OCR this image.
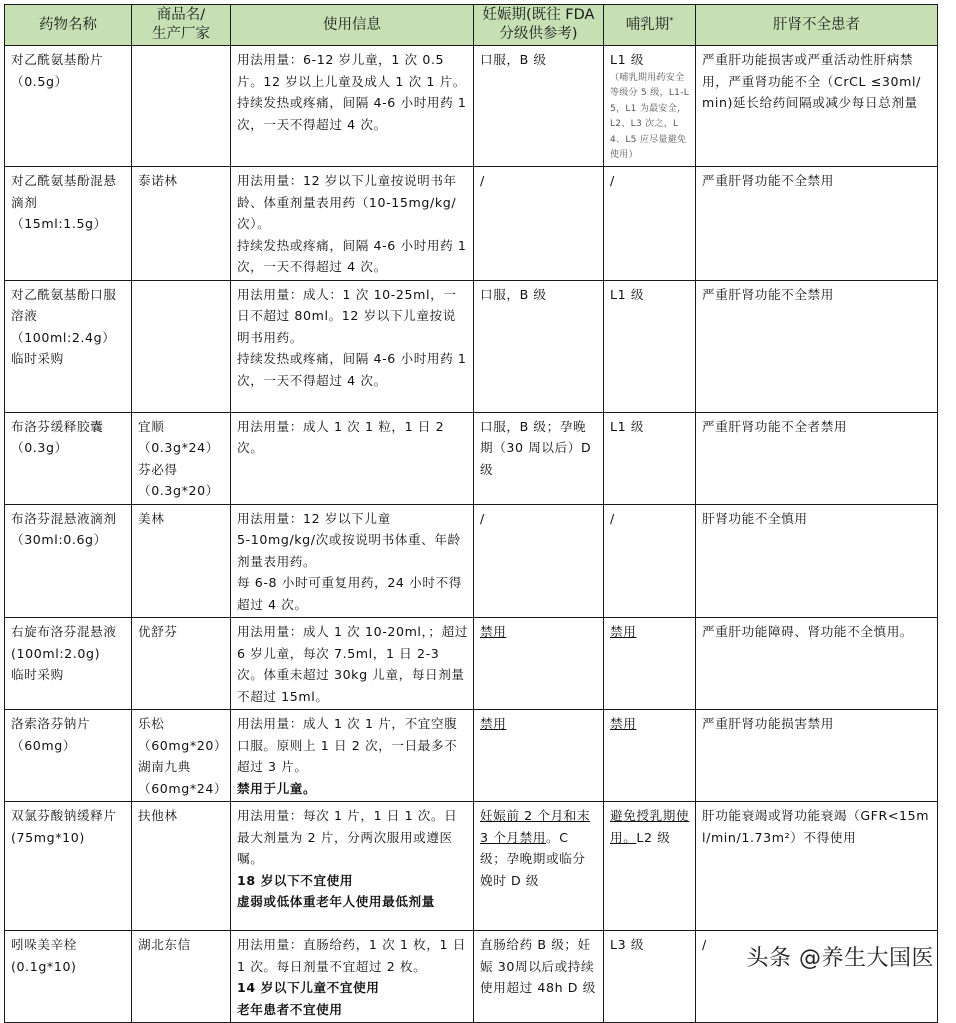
药物名称	商品名/
生产厂家	使用信息	妊娠期(既往 FDA
分级供参考)	哺乳期*	肝肾不全患者

对乙酰氨基酚片
（0.5g）		用法用量：6-12 岁儿童，1 次 0.5 片。12 岁以上儿童及成人 1 次 1 片。
持续发热或疼痛，间隔 4-6 小时用药 1 次，一天不得超过 4 次。	口服，B 级	L1 级
（哺乳期用药安全等级分 5 级，L1-L5，L1 为最安全，L2、L3 次之，L4、L5 应尽量避免使用）	严重肝功能损害或严重活动性肝病禁用，严重肾功能不全（CrCL ≤30ml/min)延长给药间隔或减少每日总剂量

对乙酰氨基酚混悬滴剂
（15ml:1.5g）	泰诺林	用法用量：12 岁以下儿童按说明书年龄、体重剂量表用药（10-15mg/kg/次）。
持续发热或疼痛，间隔 4-6 小时用药 1 次，一天不得超过 4 次。	/	/	严重肝肾功能不全禁用

对乙酰氨基酚口服溶液
（100ml:2.4g）
临时采购		用法用量：成人：1 次 10-25ml，一日不超过 80ml。12 岁以下儿童按说明书用药。
持续发热或疼痛，间隔 4-6 小时用药 1 次，一天不得超过 4 次。	口服，B 级	L1 级	严重肝肾功能不全禁用

布洛芬缓释胶囊
（0.3g）	宜顺
（0.3g*24）
芬必得
（0.3g*20）	用法用量：成人 1 次 1 粒，1 日 2 次。	口服，B 级；孕晚期（30 周以后）D 级	L1 级	严重肝肾功能不全者禁用

布洛芬混悬液滴剂（30ml:0.6g）	美林	用法用量：12 岁以下儿童
5-10mg/kg/次或按说明书体重、年龄剂量表用药。
每 6-8 小时可重复用药，24 小时不得超过 4 次。	/	/	肝肾功能不全慎用

右旋布洛芬混悬液(100ml:2.0g)
临时采购	优舒芬	用法用量：成人 1 次 10-20ml，；超过 6 岁儿童，每次 7.5ml，1 日 2-3 次。体重未超过 30kg 儿童，每日剂量不超过 15ml。	禁用	禁用	严重肝功能障碍、肾功能不全慎用。

洛索洛芬钠片
（60mg）	乐松
（60mg*20）
湖南九典
（60mg*24）	用法用量：成人 1 次 1 片，不宜空腹口服。原则上 1 日 2 次，一日最多不超过 3 片。
禁用于儿童。	禁用	禁用	严重肝肾功能损害禁用

双氯芬酸钠缓释片(75mg*10)	扶他林	用法用量：每次 1 片，1 日 1 次。日最大剂量为 2 片，分两次服用或遵医嘱。
18 岁以下不宜使用
虚弱或低体重老年人使用最低剂量	妊娠前 2 个月和末 3 个月禁用。C 级；孕晚期或临分娩时 D 级	避免授乳期使用。L2 级	肝功能衰竭或肾功能衰竭（GFR<15ml/min/1.73m²）不得使用

吲哚美辛栓
(0.1g*10)	湖北东信	用法用量：直肠给药，1 次 1 枚，1 日 1 次。每日剂量不宜超过 2 枚。
14 岁以下儿童不宜使用
老年患者不宜使用	直肠给药 B 级；妊娠 30周以后或持续使用超过 48h D 级	L3 级	/
头条 @养生大国医
